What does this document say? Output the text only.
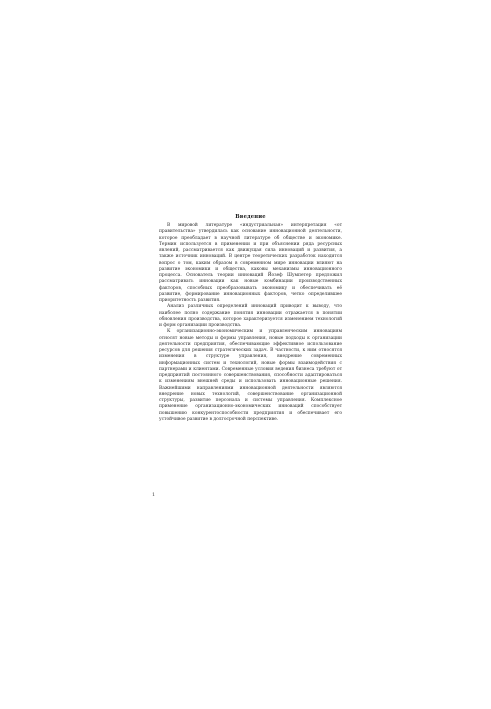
Введение

В мировой литературе «индустриальная» интерпретация «от правительства» утвердилась как основание инновационной деятельности, которое преобладает в научной литературе об обществе и экономике. Термин используется в применении и при объяснении ряда ресурсных явлений, рассматривается как движущая сила инноваций и развития, а также источник инноваций. В центре теоретических разработок находится вопрос о том, каким образом в современном мире инновации влияют на развитие экономики и общества, каковы механизмы инновационного процесса. Основатель теории инноваций Йозеф Шумпетер предложил рассматривать инновации как новые комбинации производственных факторов, способных преобразовывать экономику и обеспечивать её развитие, формирование инновационных факторов, четко определившее приоритетность развития.

Анализ различных определений инноваций приводит к выводу, что наиболее полно содержание понятия инновации отражается в понятии обновления производства, которое характеризуется изменением технологий и форм организации производства.

К организационно-экономическим и управленческим инновациям относят новые методы и формы управления, новые подходы к организации деятельности предприятия, обеспечивающие эффективное использование ресурсов для решения стратегических задач. В частности, к ним относятся изменения в структуре управления, внедрение современных информационных систем и технологий, новые формы взаимодействия с партнерами и клиентами. Современные условия ведения бизнеса требуют от предприятий постоянного совершенствования, способности адаптироваться к изменениям внешней среды и использовать инновационные решения. Важнейшими направлениями инновационной деятельности являются внедрение новых технологий, совершенствование организационной структуры, развитие персонала и системы управления. Комплексное применение организационно-экономических инноваций способствует повышению конкурентоспособности предприятия и обеспечивает его устойчивое развитие в долгосрочной перспективе.

1
